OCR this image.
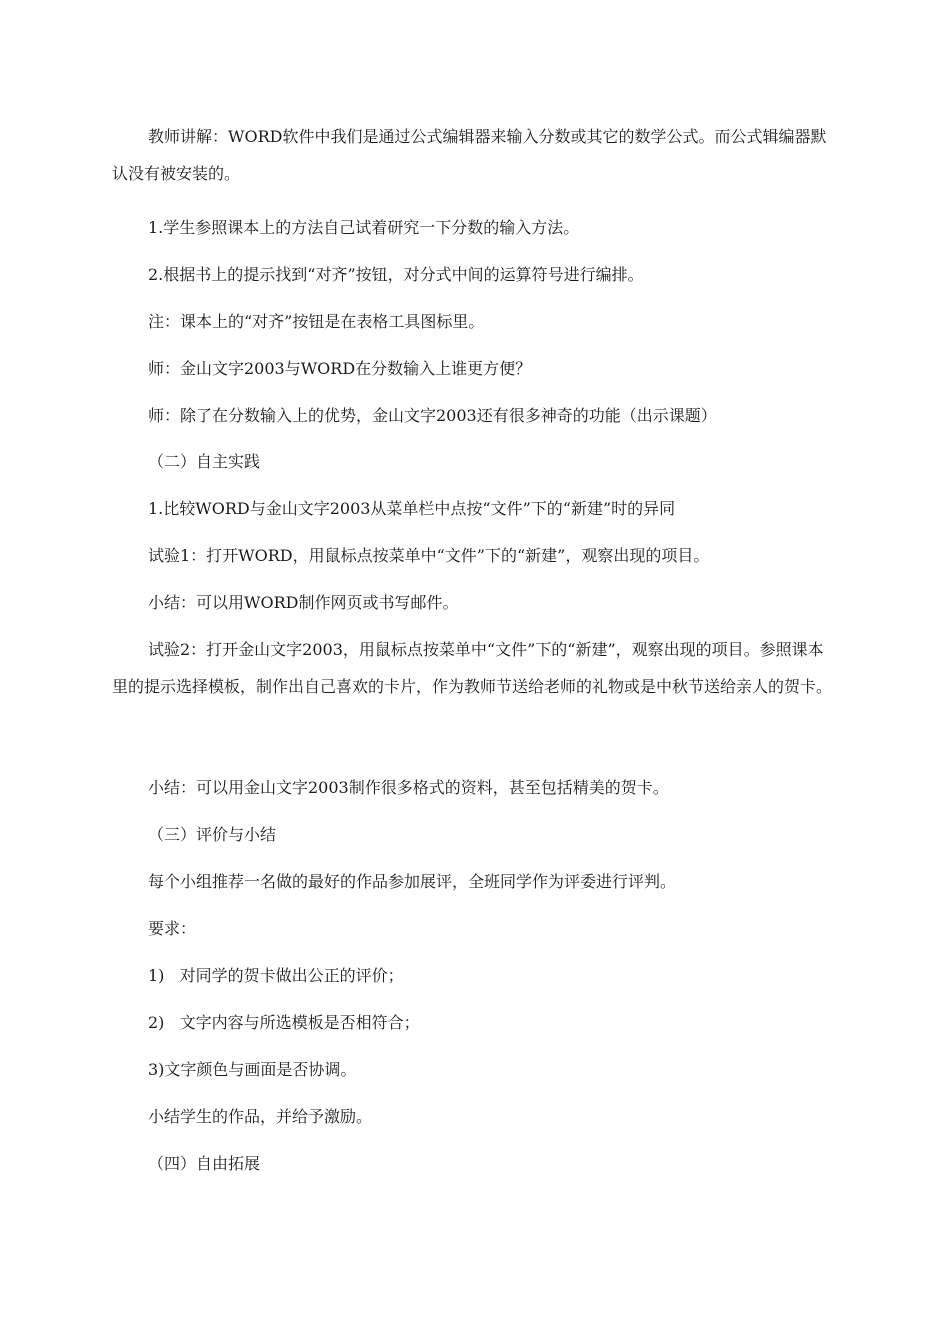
教师讲解：WORD软件中我们是通过公式编辑器来输入分数或其它的数学公式。而公式辑编器默认没有被安装的。

1.学生参照课本上的方法自己试着研究一下分数的输入方法。

2.根据书上的提示找到“对齐”按钮，对分式中间的运算符号进行编排。

注：课本上的“对齐”按钮是在表格工具图标里。

师：金山文字2003与WORD在分数输入上谁更方便？

师：除了在分数输入上的优势，金山文字2003还有很多神奇的功能（出示课题）

（二）自主实践

1.比较WORD与金山文字2003从菜单栏中点按“文件”下的“新建”时的异同

试验1：打开WORD，用鼠标点按菜单中“文件”下的“新建”，观察出现的项目。

小结：可以用WORD制作网页或书写邮件。

试验2：打开金山文字2003，用鼠标点按菜单中“文件”下的“新建”，观察出现的项目。参照课本里的提示选择模板，制作出自己喜欢的卡片，作为教师节送给老师的礼物或是中秋节送给亲人的贺卡。

小结：可以用金山文字2003制作很多格式的资料，甚至包括精美的贺卡。

（三）评价与小结

每个小组推荐一名做的最好的作品参加展评，全班同学作为评委进行评判。

要求：

1)   对同学的贺卡做出公正的评价；

2)   文字内容与所选模板是否相符合；

3)文字颜色与画面是否协调。

小结学生的作品，并给予激励。

（四）自由拓展
